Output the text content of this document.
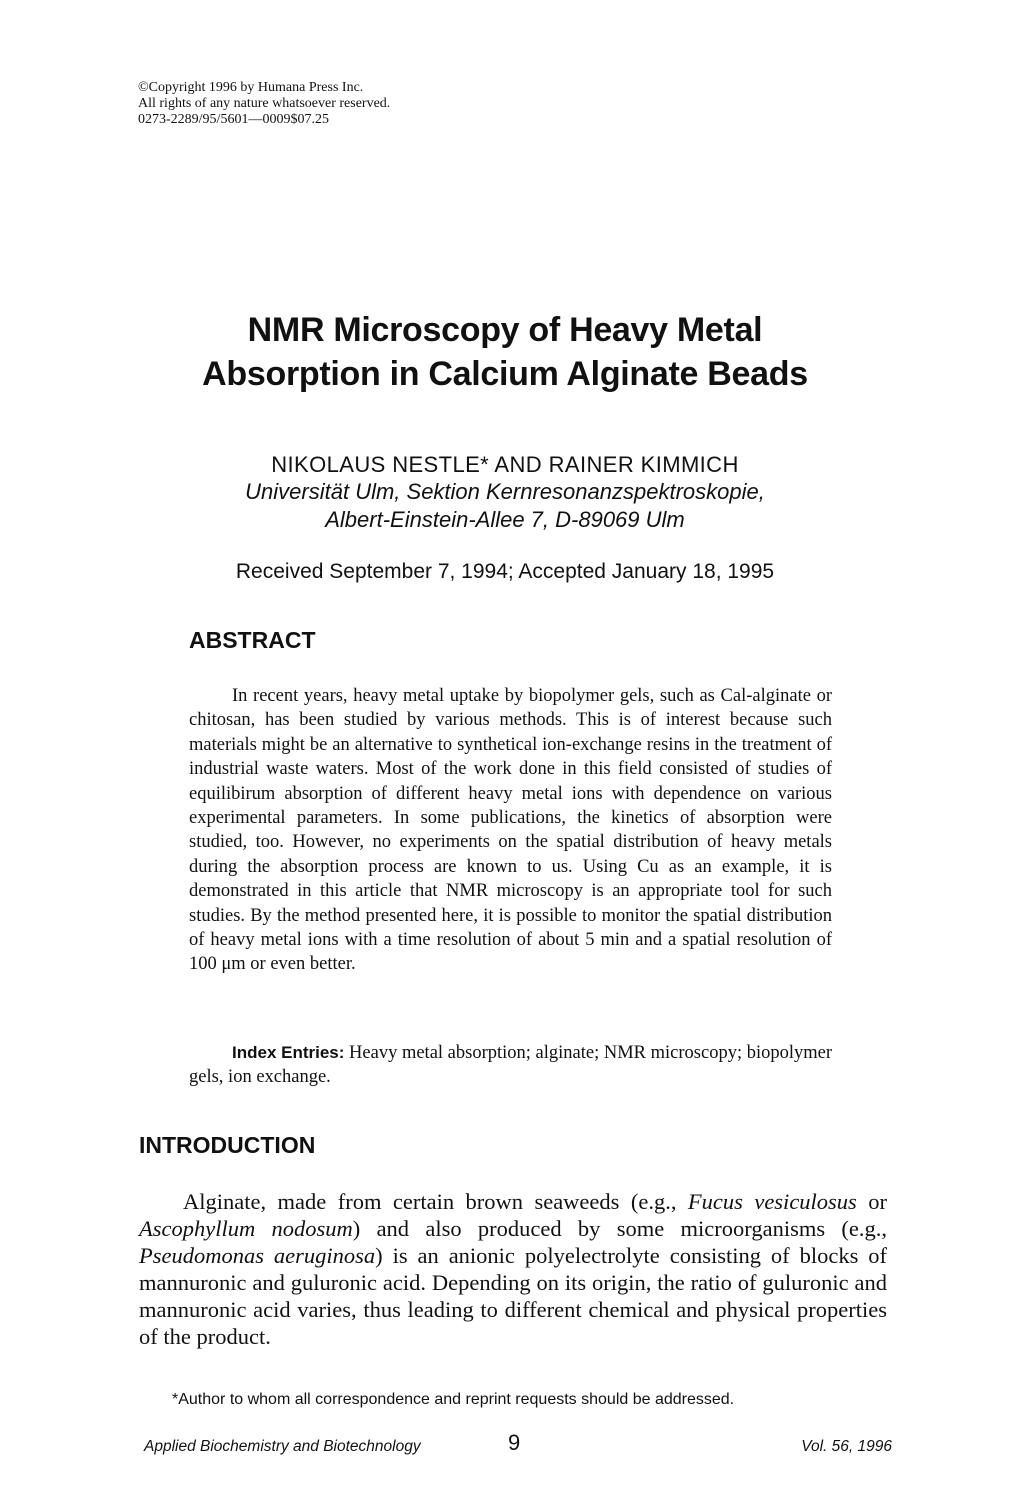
©Copyright 1996 by Humana Press Inc.
All rights of any nature whatsoever reserved.
0273-2289/95/5601—0009$07.25
NMR Microscopy of Heavy Metal
Absorption in Calcium Alginate Beads
NIKOLAUS NESTLE* AND RAINER KIMMICH
Universität Ulm, Sektion Kernresonanzspektroskopie,
Albert-Einstein-Allee 7, D-89069 Ulm
Received September 7, 1994; Accepted January 18, 1995
ABSTRACT

In recent years, heavy metal uptake by biopolymer gels, such as Cal-alginate or chitosan, has been studied by various methods. This is of interest because such materials might be an alternative to synthetical ion-exchange resins in the treatment of industrial waste waters. Most of the work done in this field consisted of studies of equilibirum absorption of different heavy metal ions with dependence on various experimental parameters. In some publications, the kinetics of absorption were studied, too. However, no experiments on the spatial distribution of heavy metals during the absorption process are known to us. Using Cu as an example, it is demonstrated in this article that NMR microscopy is an appropriate tool for such studies. By the method presented here, it is possible to monitor the spatial distribution of heavy metal ions with a time resolution of about 5 min and a spatial resolution of 100 μm or even better.

Index Entries: Heavy metal absorption; alginate; NMR microscopy; biopolymer gels, ion exchange.

INTRODUCTION

Alginate, made from certain brown seaweeds (e.g., Fucus vesiculosus or Ascophyllum nodosum) and also produced by some microorganisms (e.g., Pseudomonas aeruginosa) is an anionic polyelectrolyte consisting of blocks of mannuronic and guluronic acid. Depending on its origin, the ratio of guluronic and mannuronic acid varies, thus leading to different chemical and physical properties of the product.

*Author to whom all correspondence and reprint requests should be addressed.
Applied Biochemistry and Biotechnology	9	Vol. 56, 1996
